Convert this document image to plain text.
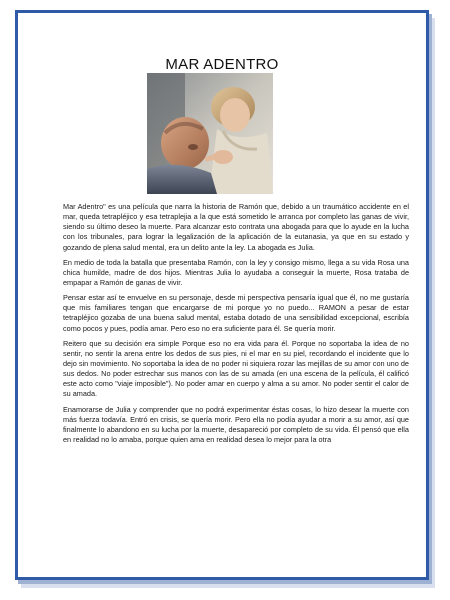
MAR ADENTRO

Mar Adentro" es una película que narra la historia de Ramón que, debido a un traumático accidente en el mar, queda tetrapléjico y esa tetraplejia a la que está sometido le arranca por completo las ganas de vivir, siendo su último deseo la muerte. Para alcanzar esto contrata una abogada para que lo ayude en la lucha con los tribunales, para lograr la legalización de la aplicación de la eutanasia, ya que en su estado y gozando de plena salud mental, era un delito ante la ley. La abogada es Julia.

En medio de toda la batalla que presentaba Ramón, con la ley y consigo mismo, llega a su vida Rosa una chica humilde, madre de dos hijos. Mientras Julia lo ayudaba a conseguir la muerte, Rosa trataba de empapar a Ramón de ganas de vivir.

Pensar estar así te envuelve en su personaje, desde mi perspectiva pensaría igual que él, no me gustaría que mis familiares tengan que encargarse de mi porque yo no puedo... RAMON a pesar de estar tetrapléjico gozaba de una buena salud mental, estaba dotado de una sensibilidad excepcional, escribía como pocos y pues, podía amar. Pero eso no era suficiente para él. Se quería morir.

Reitero que su decisión era simple Porque eso no era vida para él. Porque no soportaba la idea de no sentir, no sentir la arena entre los dedos de sus pies, ni el mar en su piel, recordando el incidente que lo dejo sin movimiento. No soportaba la idea de no poder ni siquiera rozar las mejillas de su amor con uno de sus dedos. No poder estrechar sus manos con las de su amada (en una escena de la película, él calificó este acto como "viaje imposible"). No poder amar en cuerpo y alma a su amor. No poder sentir el calor de su amada.

Enamorarse de Julia y comprender que no podrá experimentar éstas cosas, lo hizo desear la muerte con más fuerza todavía. Entró en crisis, se quería morir. Pero ella no podía ayudar a morir a su amor, así que finalmente lo abandono en su lucha por la muerte, desapareció por completo de su vida. Él pensó que ella en realidad no lo amaba, porque quien ama en realidad desea lo mejor para la otra
